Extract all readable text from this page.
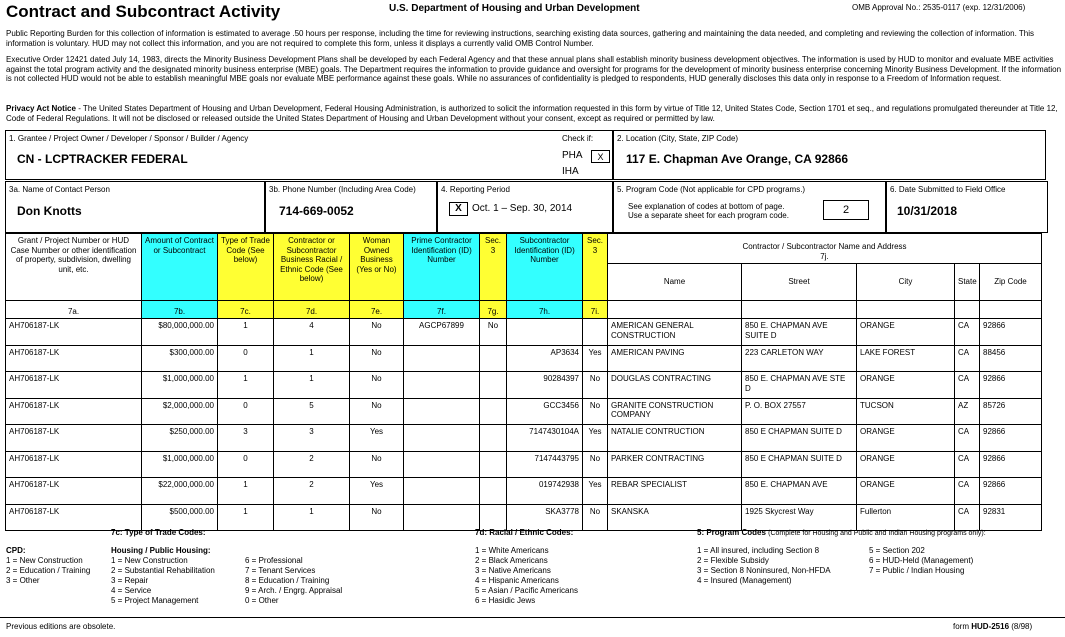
Contract and Subcontract Activity	U.S. Department of Housing and Urban Development	OMB Approval No.: 2535-0117 (exp. 12/31/2006)
Public Reporting Burden for this collection of information is estimated to average .50 hours per response, including the time for reviewing instructions, searching existing data sources, gathering and maintaining the data needed, and completing and reviewing the collection of information. This information is voluntary. HUD may not collect this information, and you are not required to complete this form, unless it displays a currently valid OMB Control Number.
Executive Order 12421 dated July 14, 1983, directs the Minority Business Development Plans shall be developed by each Federal Agency and that these annual plans shall establish minority business development objectives. The information is used by HUD to monitor and evaluate MBE activities against the total program activity and the designated minority business enterprise (MBE) goals. The Department requires the information to provide guidance and oversight for programs for the development of minority business enterprise concerning Minority Business Development. If the information is not collected HUD would not be able to establish meaningful MBE goals nor evaluate MBE performance against these goals. While no assurances of confidentiality is pledged to respondents, HUD generally discloses this data only in response to a Freedom of Information request.
Privacy Act Notice - The United States Department of Housing and Urban Development, Federal Housing Administration, is authorized to solicit the information requested in this form by virtue of Title 12, United States Code, Section 1701 et seq., and regulations promulgated thereunder at Title 12, Code of Federal Regulations. It will not be disclosed or released outside the United States Department of Housing and Urban Development without your consent, except as required or permitted by law.
1. Grantee / Project Owner / Developer / Sponsor / Builder / Agency
CN - LCPTRACKER FEDERAL
Check if:
PHA	X
IHA
2. Location (City, State, ZIP Code)
117 E. Chapman Ave Orange, CA 92866
3a. Name of Contact Person
Don Knotts
3b. Phone Number (Including Area Code)
714-669-0052
4. Reporting Period
X	Oct. 1 – Sep. 30, 2014
5. Program Code (Not applicable for CPD programs.)
See explanation of codes at bottom of page.
Use a separate sheet for each program code.	2
6. Date Submitted to Field Office
10/31/2018
Grant / Project Number or HUD Case Number or other identification of property, subdivision, dwelling unit, etc.	Amount of Contract or Subcontract	Type of Trade Code (See below)	Contractor or Subcontractor Business Racial / Ethnic Code (See below)	Woman Owned Business (Yes or No)	Prime Contractor Identification (ID) Number	Sec. 3	Subcontractor Identification (ID) Number	Sec. 3	Contractor / Subcontractor Name and Address
7j.				
									Name	Street	City	State	Zip Code
7a.	7b.	7c.	7d.	7e.	7f.	7g.	7h.	7i.					
AH706187-LK	$80,000,000.00	1	4	No	AGCP67899	No			AMERICAN GENERAL CONSTRUCTION	850 E. CHAPMAN AVE SUITE D	ORANGE	CA	92866
AH706187-LK	$300,000.00	0	1	No			AP3634	Yes	AMERICAN PAVING	223 CARLETON WAY	LAKE FOREST	CA	88456
AH706187-LK	$1,000,000.00	1	1	No			90284397	No	DOUGLAS CONTRACTING	850 E. CHAPMAN AVE STE D	ORANGE	CA	92866
AH706187-LK	$2,000,000.00	0	5	No			GCC3456	No	GRANITE CONSTRUCTION COMPANY	P. O. BOX 27557	TUCSON	AZ	85726
AH706187-LK	$250,000.00	3	3	Yes			7147430104A	Yes	NATALIE CONTRUCTION	850 E CHAPMAN SUITE D	ORANGE	CA	92866
AH706187-LK	$1,000,000.00	0	2	No			7147443795	No	PARKER CONTRACTING	850 E CHAPMAN SUITE D	ORANGE	CA	92866
AH706187-LK	$22,000,000.00	1	2	Yes			019742938	Yes	REBAR SPECIALIST	850 E. CHAPMAN AVE	ORANGE	CA	92866
AH706187-LK	$500,000.00	1	1	No			SKA3778	No	SKANSKA	1925 Skycrest Way	Fullerton	CA	92831
7c: Type of Trade Codes:
CPD:
1 = New Construction
2 = Education / Training
3 = Other
Housing / Public Housing:
1 = New Construction
2 = Substantial Rehabilitation
3 = Repair
4 = Service
5 = Project Management
6 = Professional
7 = Tenant Services
8 = Education / Training
9 = Arch. / Engrg. Appraisal
0 = Other
7d: Racial / Ethnic Codes:
1 = White Americans
2 = Black Americans
3 = Native Americans
4 = Hispanic Americans
5 = Asian / Pacific Americans
6 = Hasidic Jews
5: Program Codes (Complete for Housing and Public and Indian Housing programs only):
1 = All insured, including Section 8
2 = Flexible Subsidy
3 = Section 8 Noninsured, Non-HFDA
4 = Insured (Management)
5 = Section 202
6 = HUD-Held (Management)
7 = Public / Indian Housing
Previous editions are obsolete.	form HUD-2516 (8/98)
